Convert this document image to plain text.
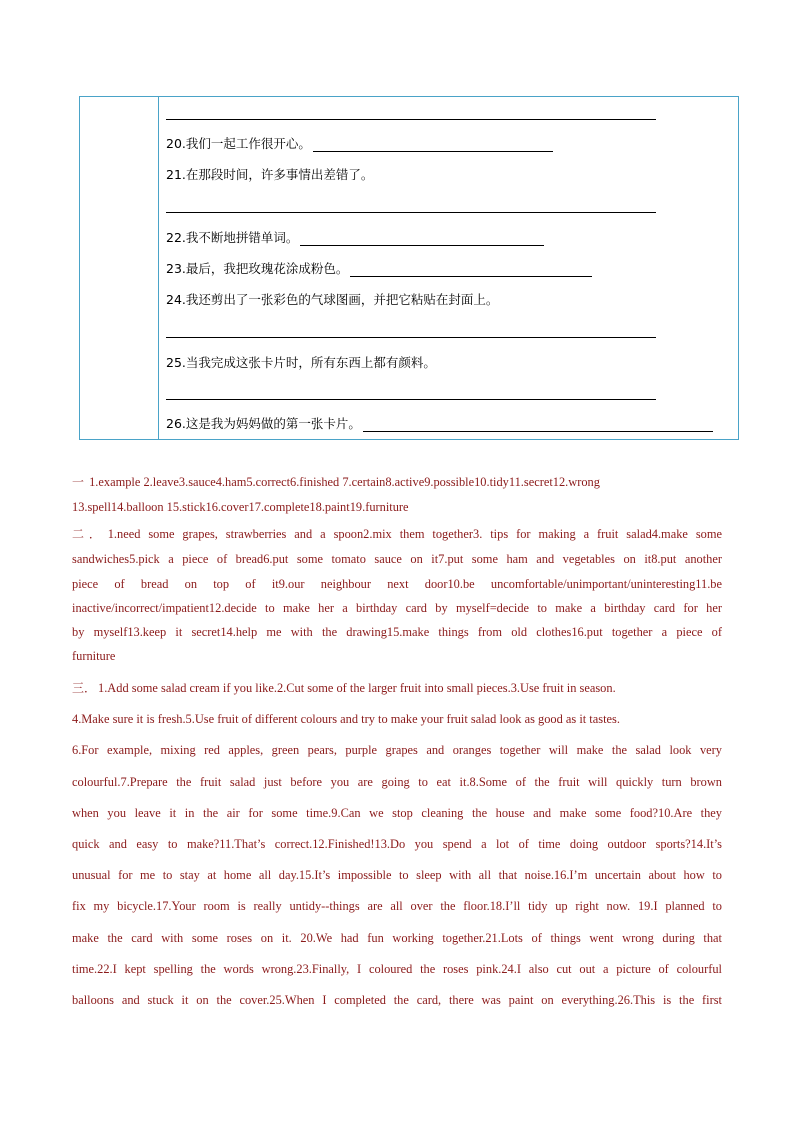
20.我们一起工作很开心。
21.在那段时间，许多事情出差错了。
22.我不断地拼错单词。
23.最后，我把玫瑰花涂成粉色。
24.我还剪出了一张彩色的气球图画，并把它粘贴在封面上。
25.当我完成这张卡片时，所有东西上都有颜料。
26.这是我为妈妈做的第一张卡片。
一 1.example 2.leave3.sauce4.ham5.correct6.finished 7.certain8.active9.possible10.tidy11.secret12.wrong
13.spell14.balloon 15.stick16.cover17.complete18.paint19.furniture
二． 1.need some grapes, strawberries and a spoon2.mix them together3. tips for making a fruit salad4.make some
sandwiches5.pick a piece of bread6.put some tomato sauce on it7.put some ham and vegetables on it8.put another
piece of bread on top of it9.our neighbour next door10.be uncomfortable/unimportant/uninteresting11.be
inactive/incorrect/impatient12.decide to make her a birthday card by myself=decide to make a birthday card for her
by myself13.keep it secret14.help me with the drawing15.make things from old clothes16.put together a piece of
furniture
三． 1.Add some salad cream if you like.2.Cut some of the larger fruit into small pieces.3.Use fruit in season.
4.Make sure it is fresh.5.Use fruit of different colours and try to make your fruit salad look as good as it tastes.
6.For example, mixing red apples, green pears, purple grapes and oranges together will make the salad look very
colourful.7.Prepare the fruit salad just before you are going to eat it.8.Some of the fruit will quickly turn brown
when you leave it in the air for some time.9.Can we stop cleaning the house and make some food?10.Are they
quick and easy to make?11.That’s correct.12.Finished!13.Do you spend a lot of time doing outdoor sports?14.It’s
unusual for me to stay at home all day.15.It’s impossible to sleep with all that noise.16.I’m uncertain about how to
fix my bicycle.17.Your room is really untidy--things are all over the floor.18.I’ll tidy up right now. 19.I planned to
make the card with some roses on it. 20.We had fun working together.21.Lots of things went wrong during that
time.22.I kept spelling the words wrong.23.Finally, I coloured the roses pink.24.I also cut out a picture of colourful
balloons and stuck it on the cover.25.When I completed the card, there was paint on everything.26.This is the first
